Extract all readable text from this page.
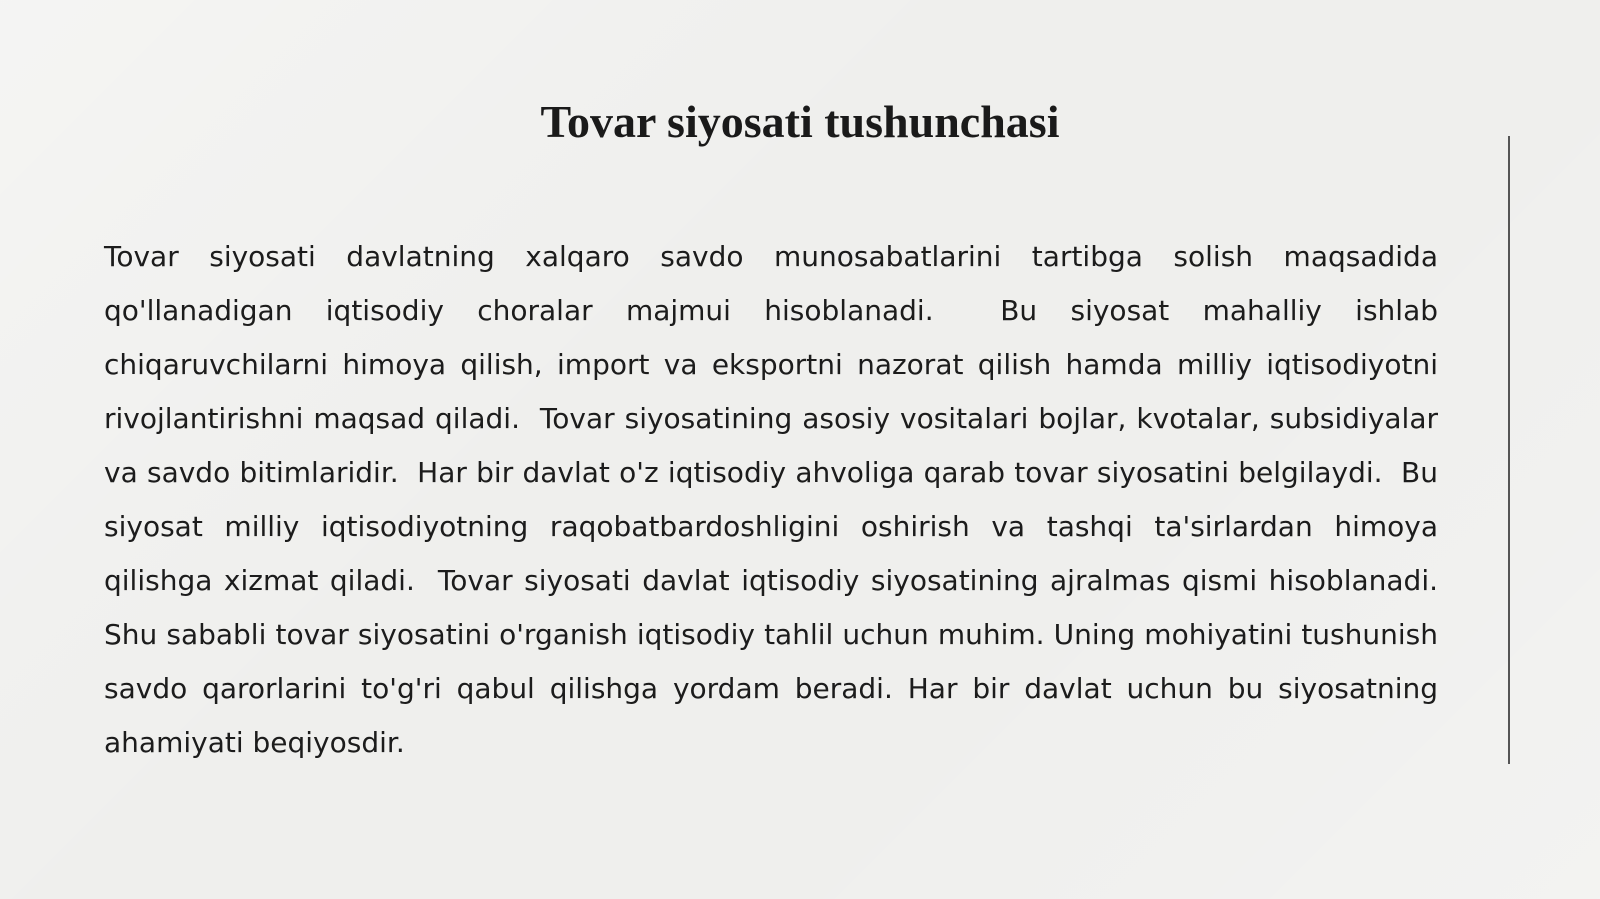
Tovar siyosati tushunchasi

Tovar siyosati davlatning xalqaro savdo munosabatlarini tartibga solish maqsadida qo'llanadigan iqtisodiy choralar majmui hisoblanadi.  Bu siyosat mahalliy ishlab chiqaruvchilarni himoya qilish, import va eksportni nazorat qilish hamda milliy iqtisodiyotni rivojlantirishni maqsad qiladi.  Tovar siyosatining asosiy vositalari bojlar, kvotalar, subsidiyalar va savdo bitimlaridir.  Har bir davlat o'z iqtisodiy ahvoliga qarab tovar siyosatini belgilaydi.  Bu siyosat milliy iqtisodiyotning raqobatbardoshligini oshirish va tashqi ta'sirlardan himoya qilishga xizmat qiladi.  Tovar siyosati davlat iqtisodiy siyosatining ajralmas qismi hisoblanadi. Shu sababli tovar siyosatini o'rganish iqtisodiy tahlil uchun muhim. Uning mohiyatini tushunish savdo qarorlarini to'g'ri qabul qilishga yordam beradi. Har bir davlat uchun bu siyosatning ahamiyati beqiyosdir.
